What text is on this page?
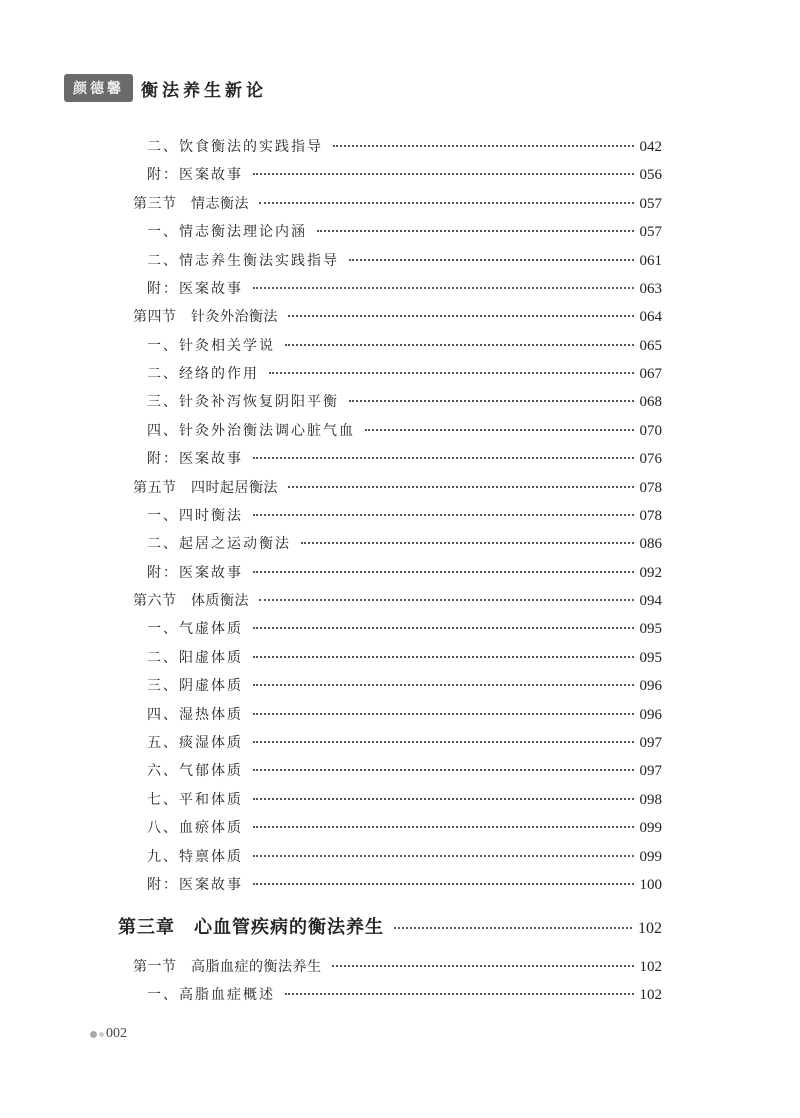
颜德馨	衡法养生新论
二、饮食衡法的实践指导	042
附：医案故事	056
第三节　情志衡法	057
一、情志衡法理论内涵	057
二、情志养生衡法实践指导	061
附：医案故事	063
第四节　针灸外治衡法	064
一、针灸相关学说	065
二、经络的作用	067
三、针灸补泻恢复阴阳平衡	068
四、针灸外治衡法调心脏气血	070
附：医案故事	076
第五节　四时起居衡法	078
一、四时衡法	078
二、起居之运动衡法	086
附：医案故事	092
第六节　体质衡法	094
一、气虚体质	095
二、阳虚体质	095
三、阴虚体质	096
四、湿热体质	096
五、痰湿体质	097
六、气郁体质	097
七、平和体质	098
八、血瘀体质	099
九、特禀体质	099
附：医案故事	100
第三章　心血管疾病的衡法养生	102
第一节　高脂血症的衡法养生	102
一、高脂血症概述	102
002
